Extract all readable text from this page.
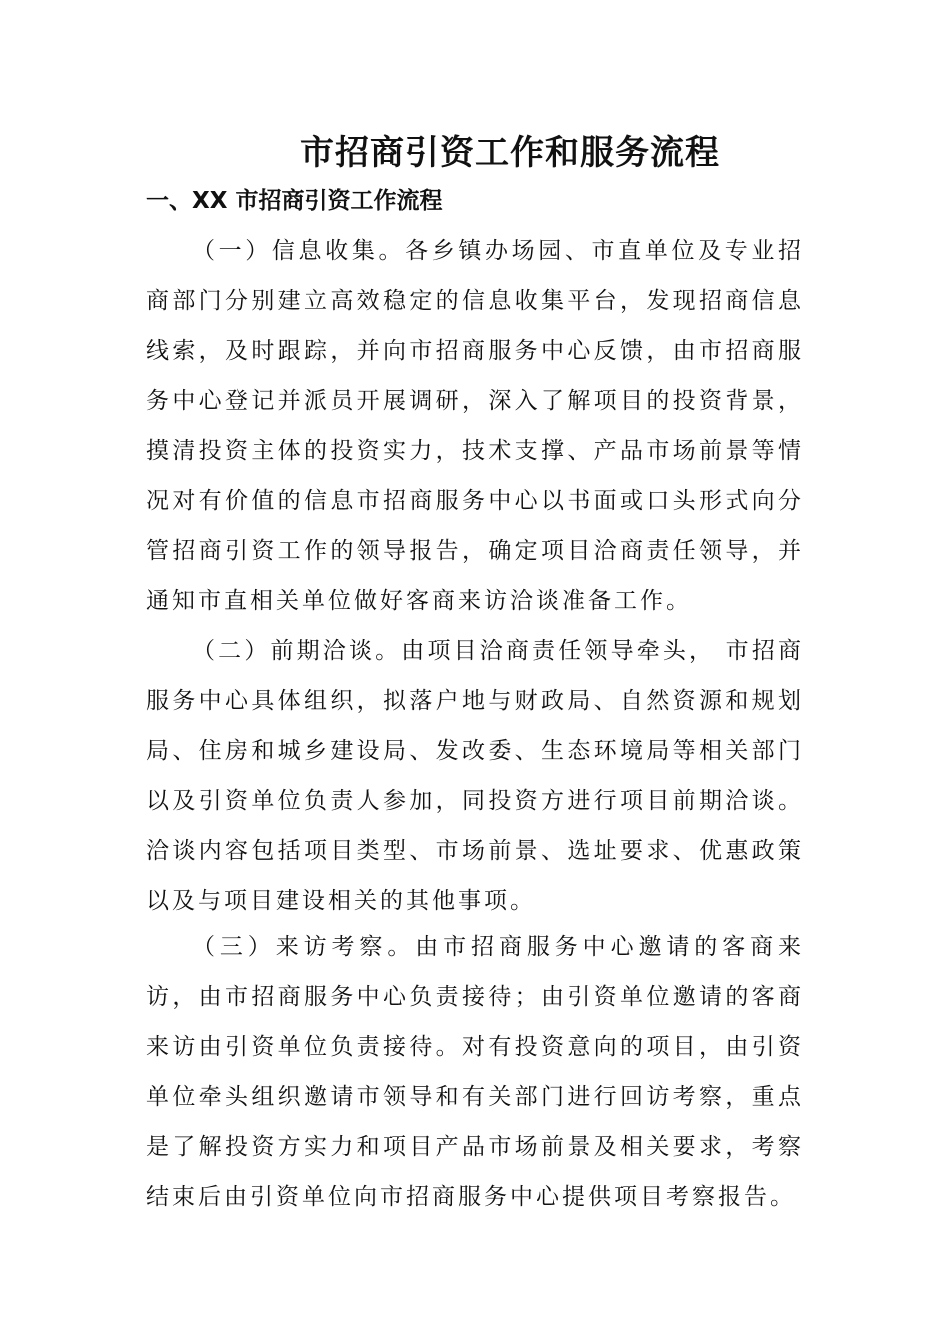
市招商引资工作和服务流程
一、XX 市招商引资工作流程

（一）信息收集。各乡镇办场园、市直单位及专业招商部门分别建立高效稳定的信息收集平台，发现招商信息线索，及时跟踪，并向市招商服务中心反馈，由市招商服务中心登记并派员开展调研，深入了解项目的投资背景，摸清投资主体的投资实力，技术支撑、产品市场前景等情况对有价值的信息市招商服务中心以书面或口头形式向分管招商引资工作的领导报告，确定项目洽商责任领导，并通知市直相关单位做好客商来访洽谈准备工作。

（二）前期洽谈。由项目洽商责任领导牵头， 市招商服务中心具体组织，拟落户地与财政局、自然资源和规划局、住房和城乡建设局、发改委、生态环境局等相关部门以及引资单位负责人参加，同投资方进行项目前期洽谈。洽谈内容包括项目类型、市场前景、选址要求、优惠政策以及与项目建设相关的其他事项。

（三）来访考察。由市招商服务中心邀请的客商来访，由市招商服务中心负责接待；由引资单位邀请的客商来访由引资单位负责接待。对有投资意向的项目，由引资单位牵头组织邀请市领导和有关部门进行回访考察，重点是了解投资方实力和项目产品市场前景及相关要求，考察结束后由引资单位向市招商服务中心提供项目考察报告。
